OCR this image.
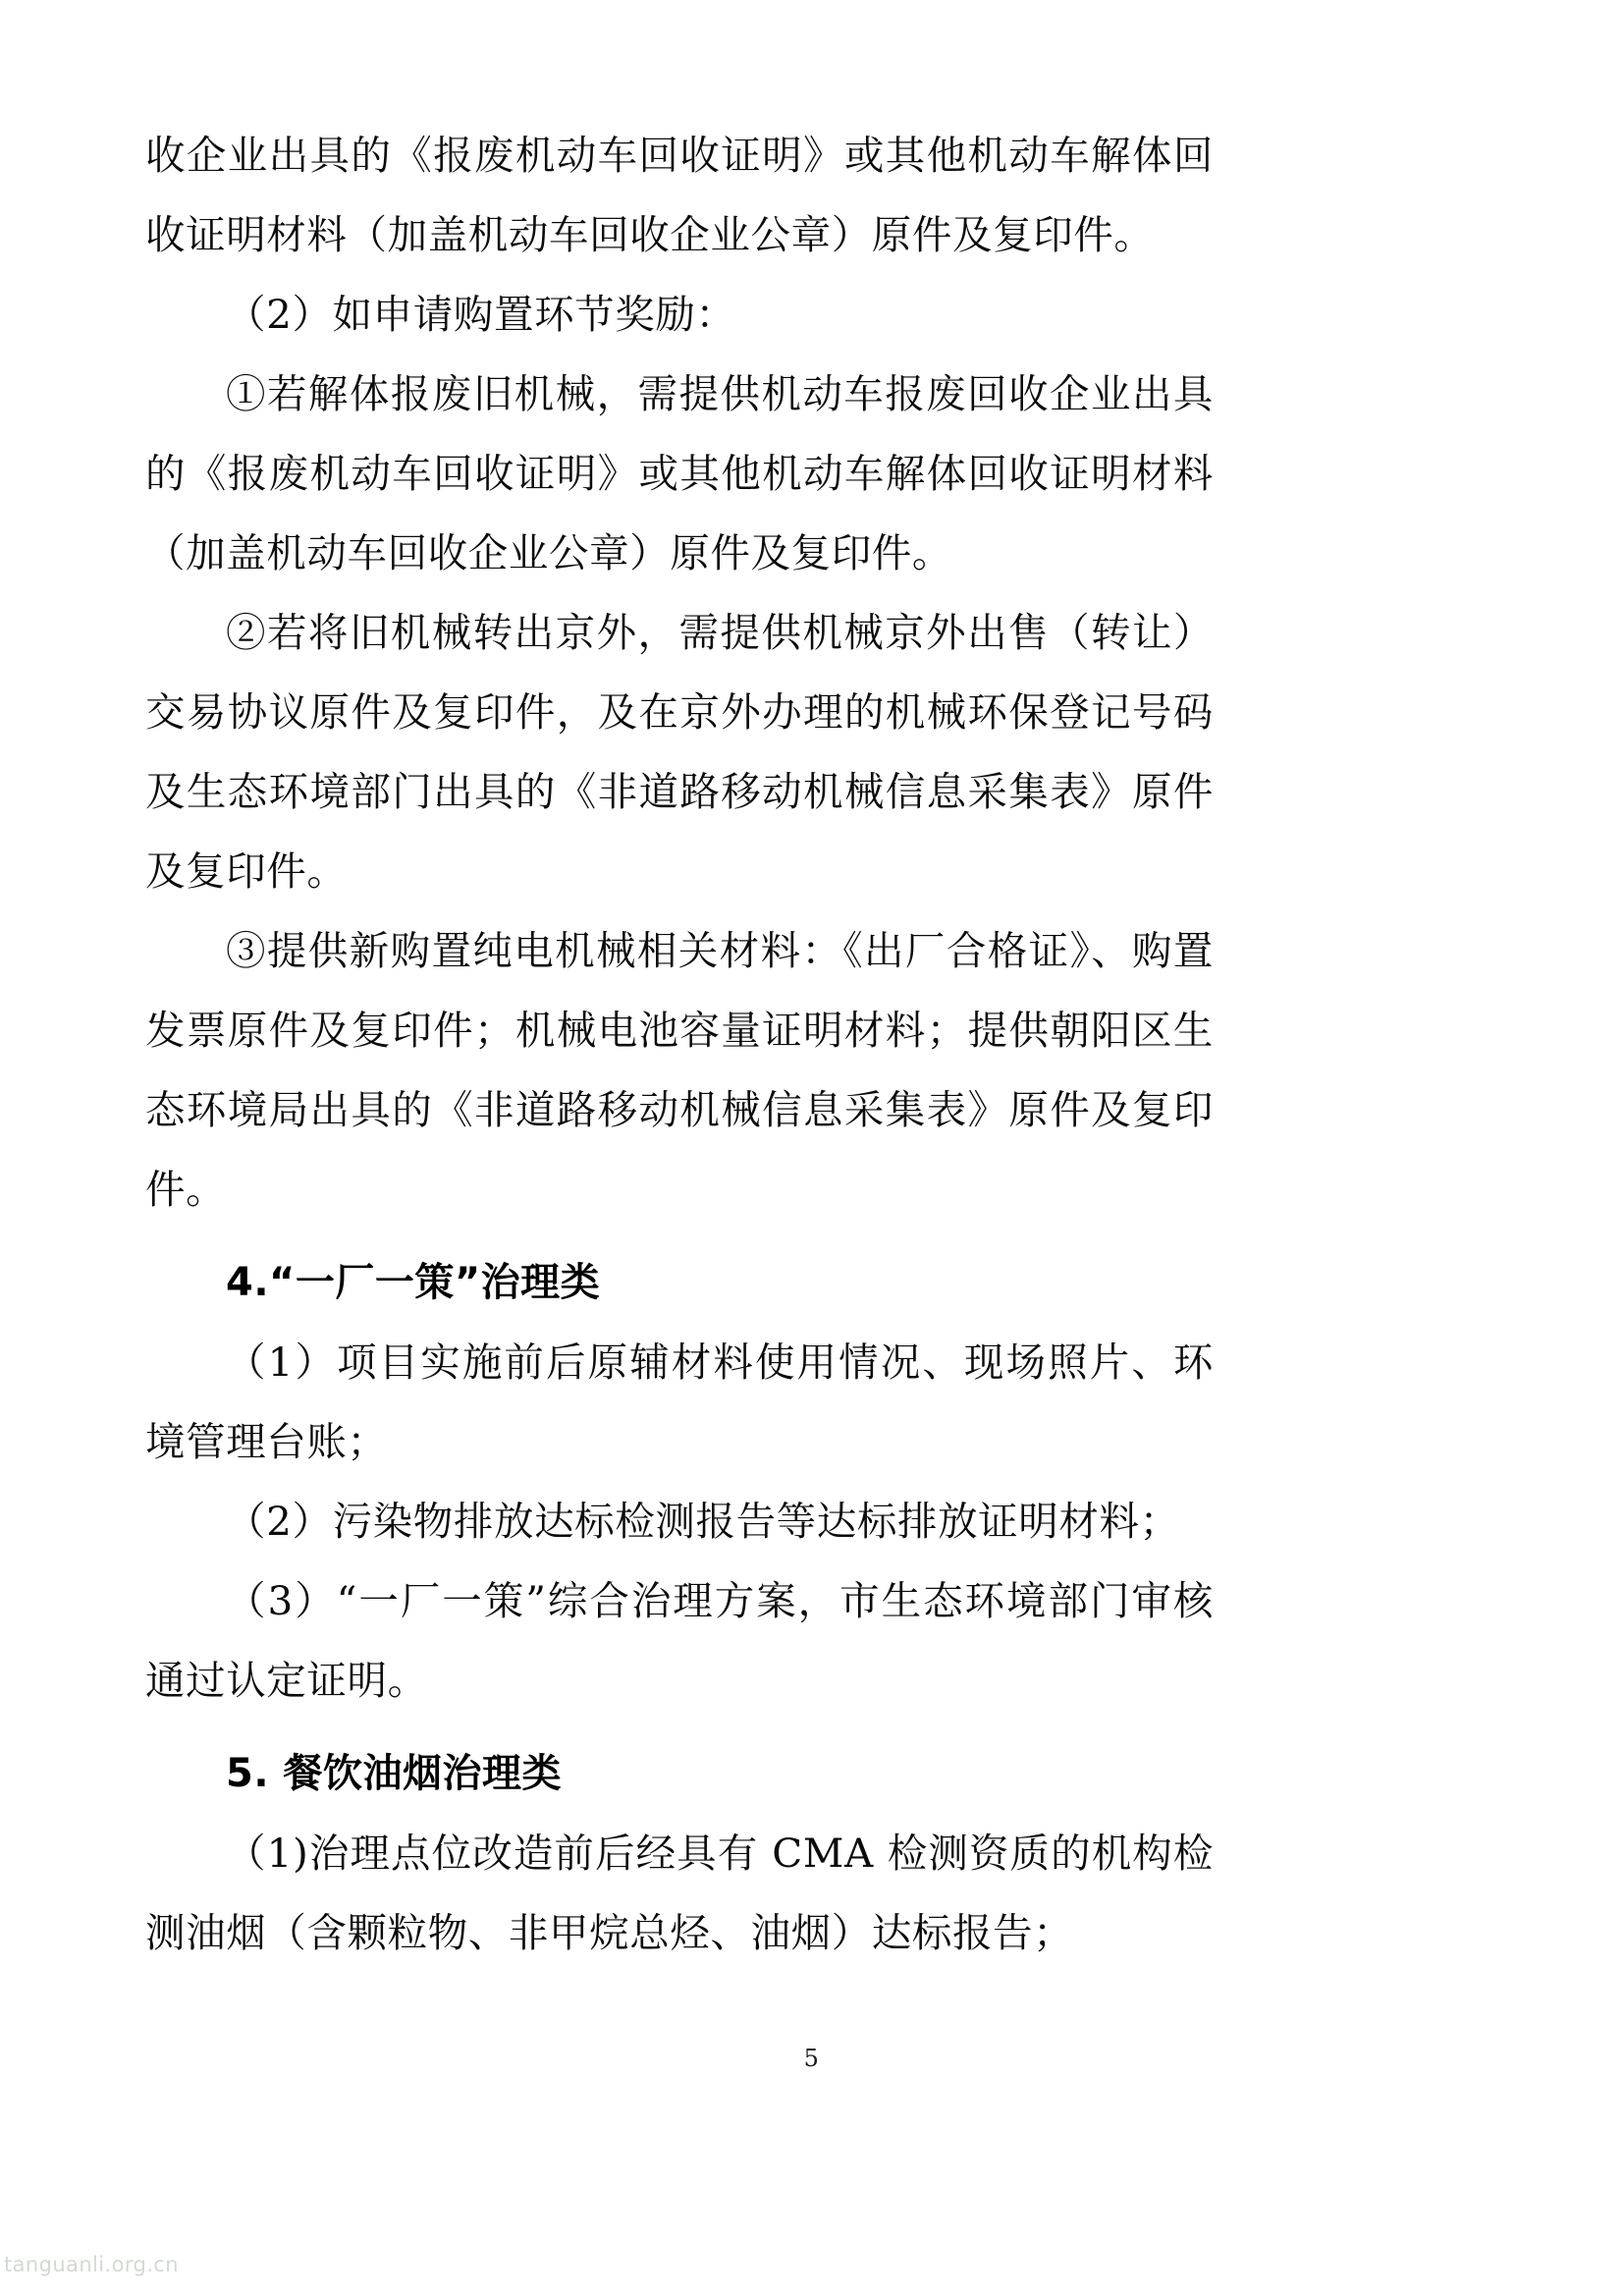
收企业出具的《报废机动车回收证明》或其他机动车解体回收证明材料（加盖机动车回收企业公章）原件及复印件。

（2）如申请购置环节奖励：

①若解体报废旧机械，需提供机动车报废回收企业出具的《报废机动车回收证明》或其他机动车解体回收证明材料（加盖机动车回收企业公章）原件及复印件。

②若将旧机械转出京外，需提供机械京外出售（转让）交易协议原件及复印件，及在京外办理的机械环保登记号码及生态环境部门出具的《非道路移动机械信息采集表》原件及复印件。

③提供新购置纯电机械相关材料：《出厂合格证》、购置发票原件及复印件；机械电池容量证明材料；提供朝阳区生态环境局出具的《非道路移动机械信息采集表》原件及复印件。

4.“一厂一策”治理类

（1）项目实施前后原辅材料使用情况、现场照片、环境管理台账；

（2）污染物排放达标检测报告等达标排放证明材料；

（3）“一厂一策”综合治理方案，市生态环境部门审核通过认定证明。

5. 餐饮油烟治理类

（1)治理点位改造前后经具有 CMA 检测资质的机构检测油烟（含颗粒物、非甲烷总烃、油烟）达标报告；

5
tanguanli.org.cn
